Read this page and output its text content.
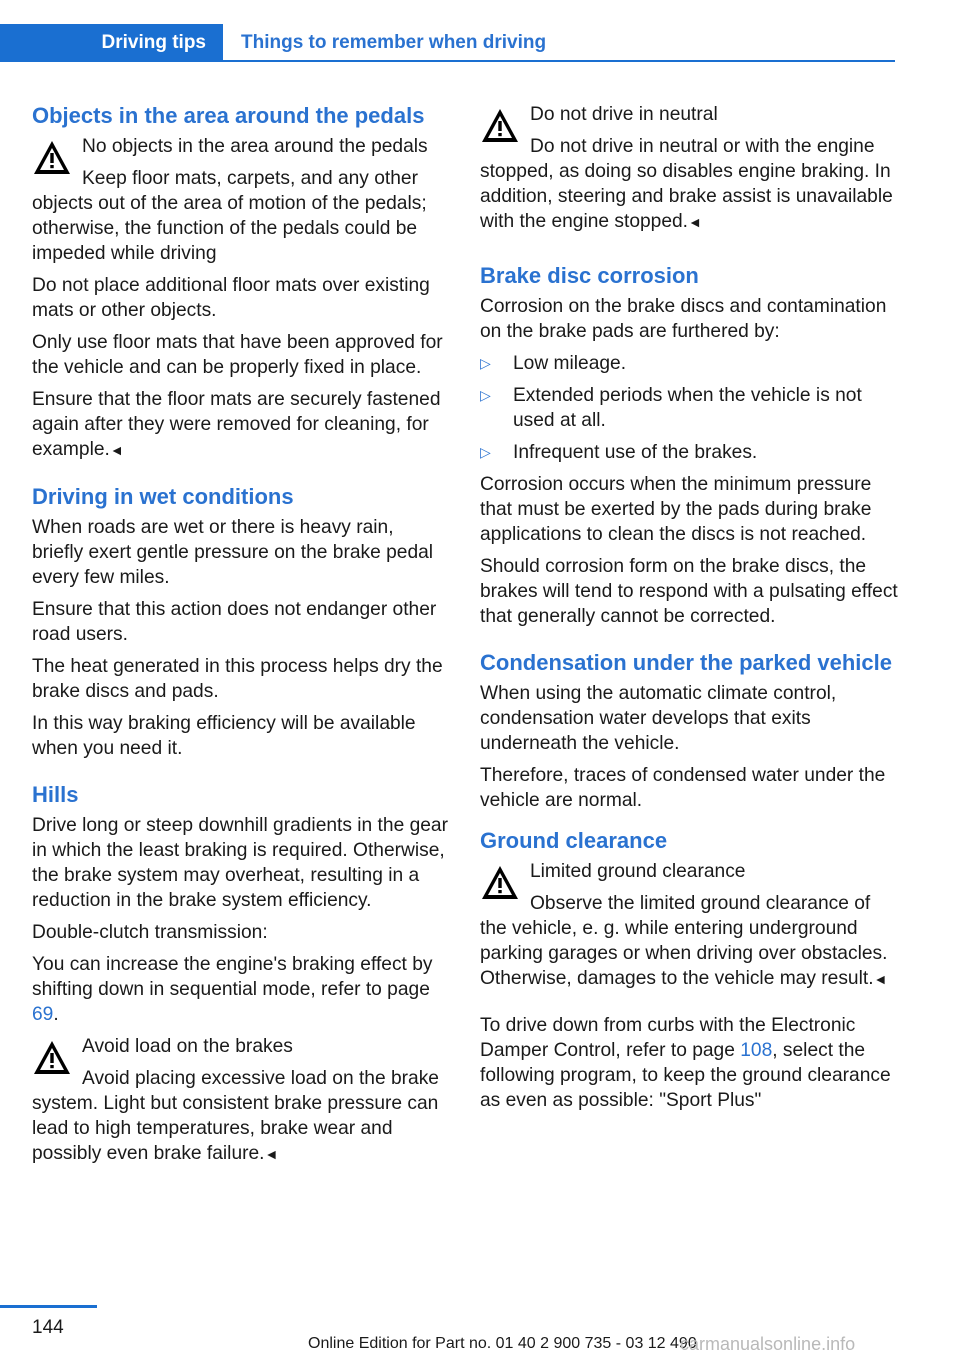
Driving tips Things to remember when driving
Objects in the area around the pedals

No objects in the area around the pedals

Keep floor mats, carpets, and any other objects out of the area of motion of the pedals; otherwise, the function of the pedals could be impeded while driving

Do not place additional floor mats over existing mats or other objects.

Only use floor mats that have been approved for the vehicle and can be properly fixed in place.

Ensure that the floor mats are securely fastened again after they were removed for cleaning, for example.◄

Driving in wet conditions

When roads are wet or there is heavy rain, briefly exert gentle pressure on the brake pedal every few miles.

Ensure that this action does not endanger other road users.

The heat generated in this process helps dry the brake discs and pads.

In this way braking efficiency will be available when you need it.

Hills

Drive long or steep downhill gradients in the gear in which the least braking is required. Otherwise, the brake system may overheat, resulting in a reduction in the brake system efficiency.

Double-clutch transmission:

You can increase the engine's braking effect by shifting down in sequential mode, refer to page 69.

Avoid load on the brakes

Avoid placing excessive load on the brake system. Light but consistent brake pressure can lead to high temperatures, brake wear and possibly even brake failure.◄

Do not drive in neutral

Do not drive in neutral or with the engine stopped, as doing so disables engine braking. In addition, steering and brake assist is unavailable with the engine stopped.◄

Brake disc corrosion

Corrosion on the brake discs and contamination on the brake pads are furthered by:

▷	Low mileage.
▷	Extended periods when the vehicle is not used at all.
▷	Infrequent use of the brakes.

Corrosion occurs when the minimum pressure that must be exerted by the pads during brake applications to clean the discs is not reached.

Should corrosion form on the brake discs, the brakes will tend to respond with a pulsating effect that generally cannot be corrected.

Condensation under the parked vehicle

When using the automatic climate control, condensation water develops that exits underneath the vehicle.

Therefore, traces of condensed water under the vehicle are normal.

Ground clearance

Limited ground clearance

Observe the limited ground clearance of the vehicle, e. g. while entering underground parking garages or when driving over obstacles. Otherwise, damages to the vehicle may result.◄

To drive down from curbs with the Electronic Damper Control, refer to page 108, select the following program, to keep the ground clearance as even as possible: "Sport Plus"

144
Online Edition for Part no. 01 40 2 900 735 - 03 12 490
carmanualsonline.info
